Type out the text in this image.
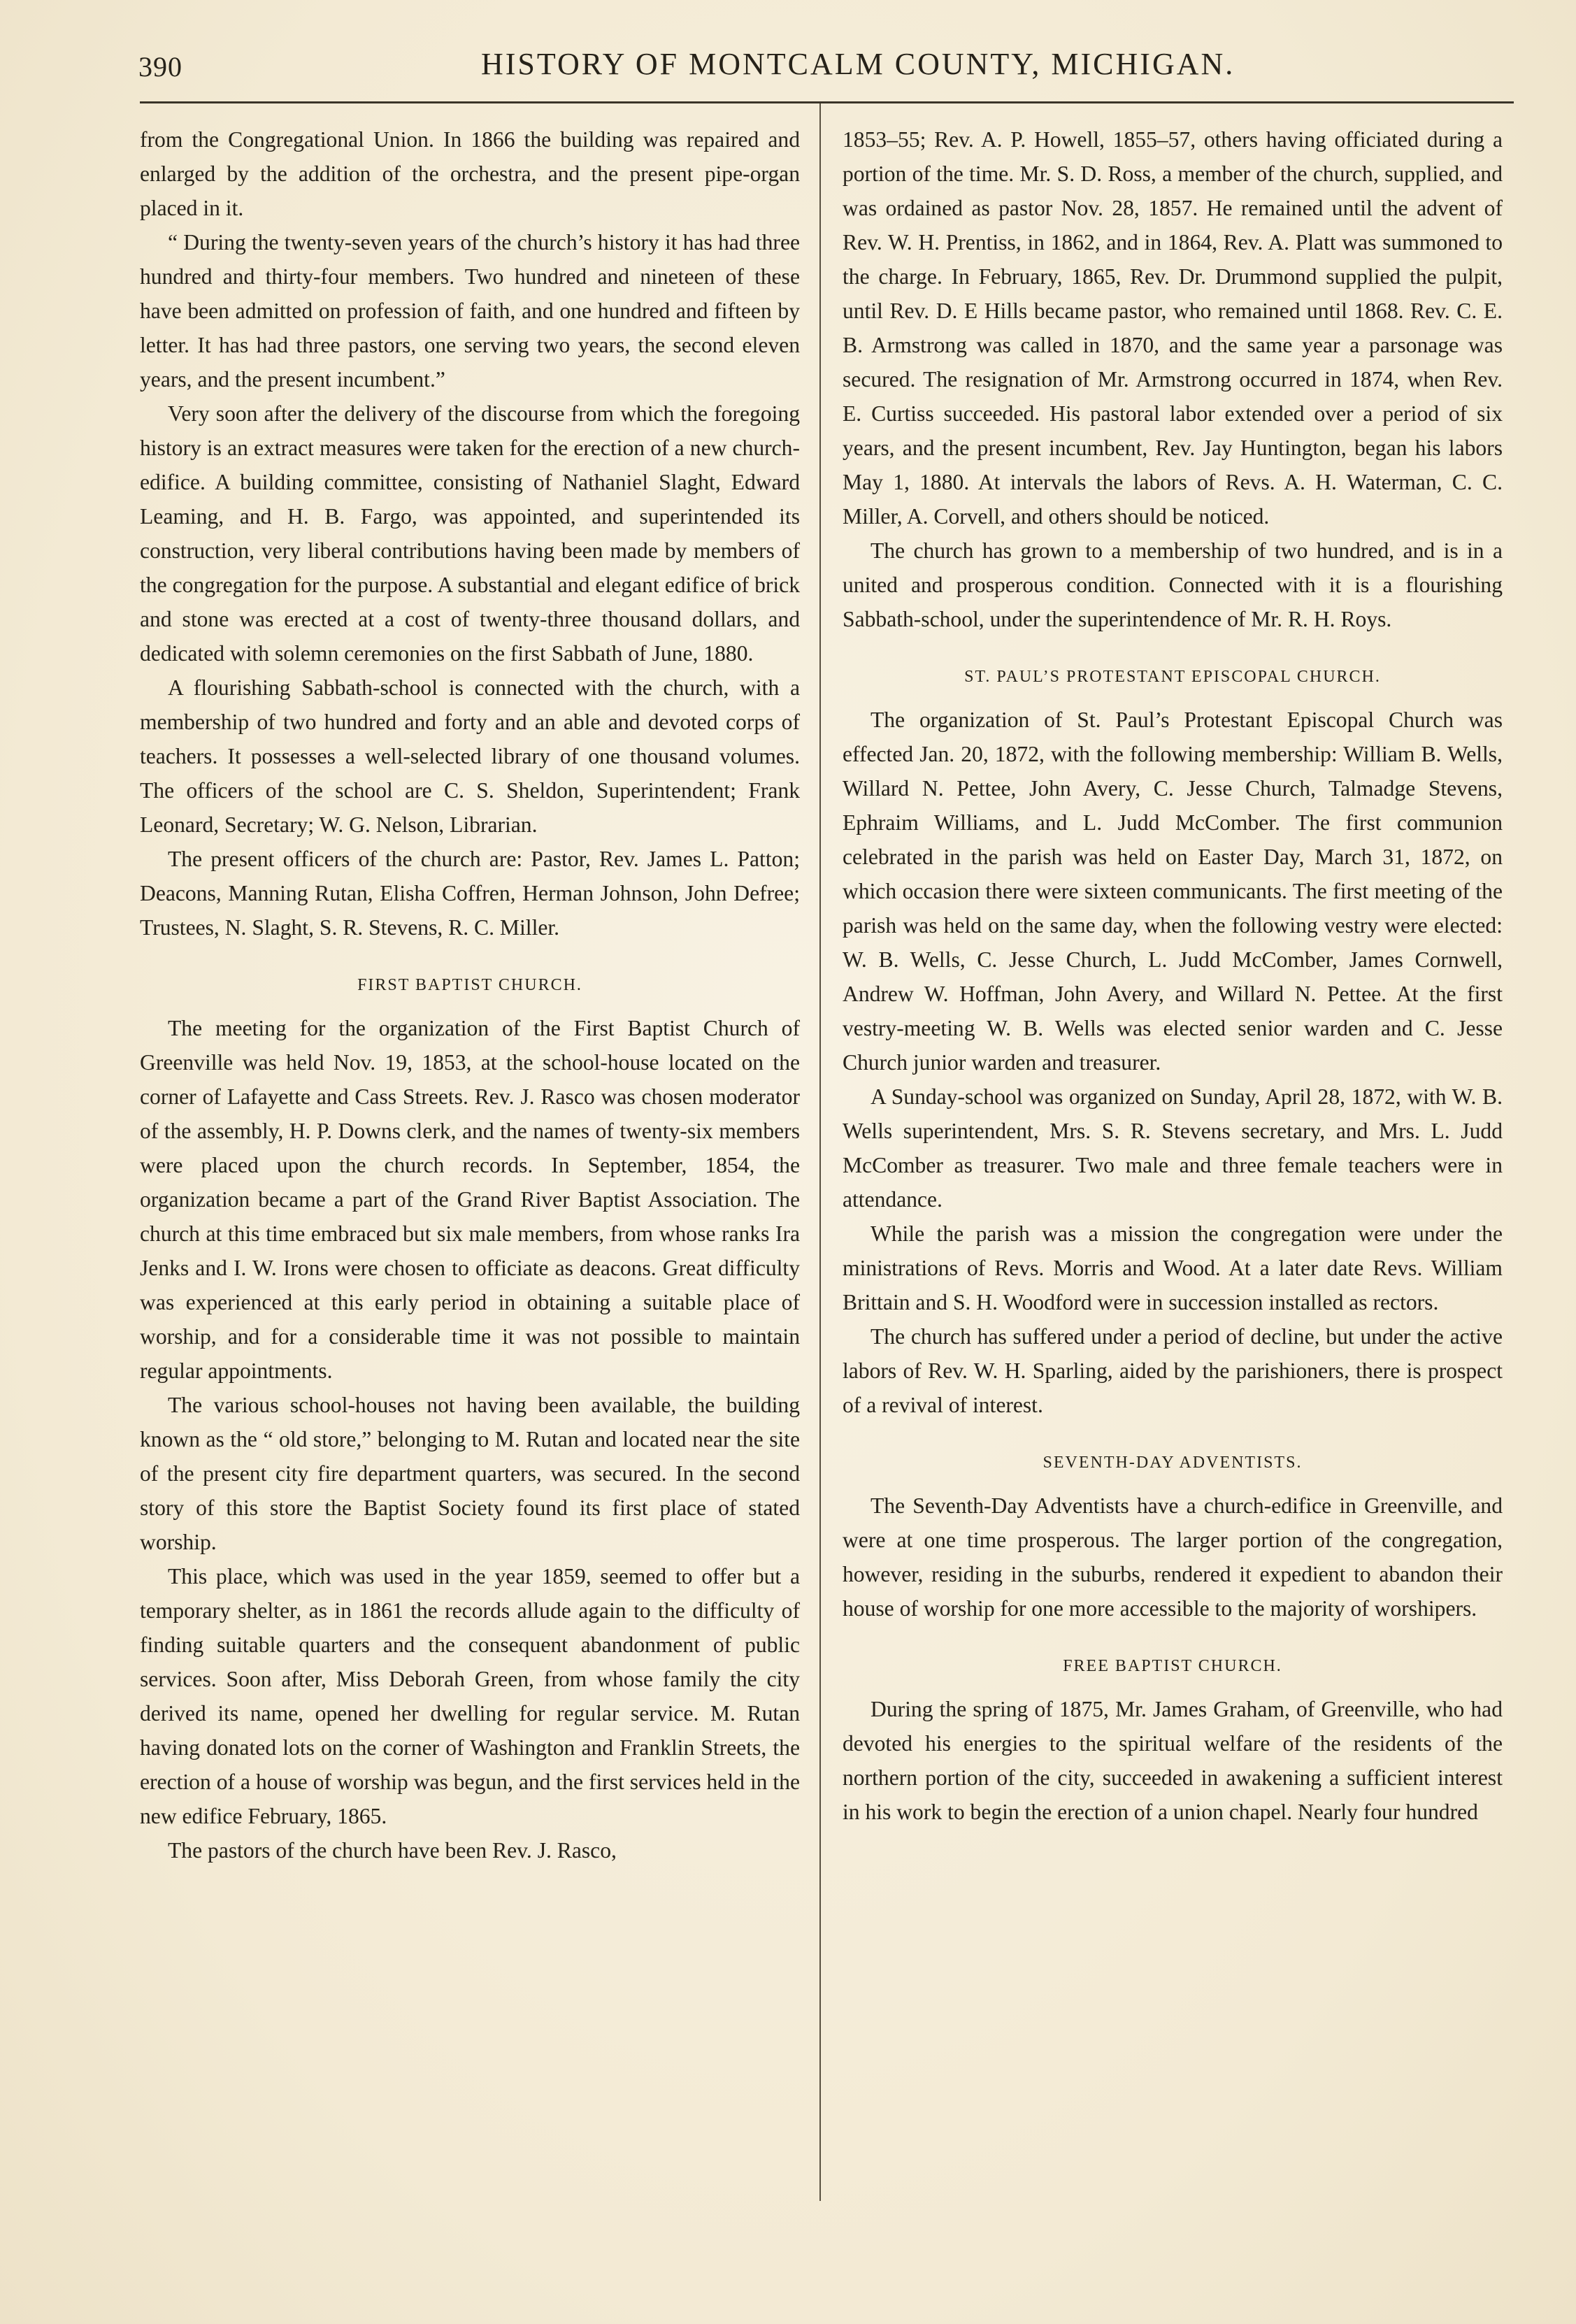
390	HISTORY OF MONTCALM COUNTY, MICHIGAN.

from the Congregational Union. In 1866 the building was repaired and enlarged by the addition of the orchestra, and the present pipe-organ placed in it.

“ During the twenty-seven years of the church’s history it has had three hundred and thirty-four members. Two hundred and nineteen of these have been admitted on profession of faith, and one hundred and fifteen by letter. It has had three pastors, one serving two years, the second eleven years, and the present incumbent.”

Very soon after the delivery of the discourse from which the foregoing history is an extract measures were taken for the erection of a new church-edifice. A building committee, consisting of Nathaniel Slaght, Edward Leaming, and H. B. Fargo, was appointed, and superintended its construction, very liberal contributions having been made by members of the congregation for the purpose. A substantial and elegant edifice of brick and stone was erected at a cost of twenty-three thousand dollars, and dedicated with solemn ceremonies on the first Sabbath of June, 1880.

A flourishing Sabbath-school is connected with the church, with a membership of two hundred and forty and an able and devoted corps of teachers. It possesses a well-selected library of one thousand volumes. The officers of the school are C. S. Sheldon, Superintendent; Frank Leonard, Secretary; W. G. Nelson, Librarian.

The present officers of the church are: Pastor, Rev. James L. Patton; Deacons, Manning Rutan, Elisha Coffren, Herman Johnson, John Defree; Trustees, N. Slaght, S. R. Stevens, R. C. Miller.

FIRST BAPTIST CHURCH.

The meeting for the organization of the First Baptist Church of Greenville was held Nov. 19, 1853, at the school-house located on the corner of Lafayette and Cass Streets. Rev. J. Rasco was chosen moderator of the assembly, H. P. Downs clerk, and the names of twenty-six members were placed upon the church records. In September, 1854, the organization became a part of the Grand River Baptist Association. The church at this time embraced but six male members, from whose ranks Ira Jenks and I. W. Irons were chosen to officiate as deacons. Great difficulty was experienced at this early period in obtaining a suitable place of worship, and for a considerable time it was not possible to maintain regular appointments.

The various school-houses not having been available, the building known as the “ old store,” belonging to M. Rutan and located near the site of the present city fire department quarters, was secured. In the second story of this store the Baptist Society found its first place of stated worship.

This place, which was used in the year 1859, seemed to offer but a temporary shelter, as in 1861 the records allude again to the difficulty of finding suitable quarters and the consequent abandonment of public services. Soon after, Miss Deborah Green, from whose family the city derived its name, opened her dwelling for regular service. M. Rutan having donated lots on the corner of Washington and Franklin Streets, the erection of a house of worship was begun, and the first services held in the new edifice February, 1865.

The pastors of the church have been Rev. J. Rasco,

1853–55; Rev. A. P. Howell, 1855–57, others having officiated during a portion of the time. Mr. S. D. Ross, a member of the church, supplied, and was ordained as pastor Nov. 28, 1857. He remained until the advent of Rev. W. H. Prentiss, in 1862, and in 1864, Rev. A. Platt was summoned to the charge. In February, 1865, Rev. Dr. Drummond supplied the pulpit, until Rev. D. E Hills became pastor, who remained until 1868. Rev. C. E. B. Armstrong was called in 1870, and the same year a parsonage was secured. The resignation of Mr. Armstrong occurred in 1874, when Rev. E. Curtiss succeeded. His pastoral labor extended over a period of six years, and the present incumbent, Rev. Jay Huntington, began his labors May 1, 1880. At intervals the labors of Revs. A. H. Waterman, C. C. Miller, A. Corvell, and others should be noticed.

The church has grown to a membership of two hundred, and is in a united and prosperous condition. Connected with it is a flourishing Sabbath-school, under the superintendence of Mr. R. H. Roys.

ST. PAUL’S PROTESTANT EPISCOPAL CHURCH.

The organization of St. Paul’s Protestant Episcopal Church was effected Jan. 20, 1872, with the following membership: William B. Wells, Willard N. Pettee, John Avery, C. Jesse Church, Talmadge Stevens, Ephraim Williams, and L. Judd McComber. The first communion celebrated in the parish was held on Easter Day, March 31, 1872, on which occasion there were sixteen communicants. The first meeting of the parish was held on the same day, when the following vestry were elected: W. B. Wells, C. Jesse Church, L. Judd McComber, James Cornwell, Andrew W. Hoffman, John Avery, and Willard N. Pettee. At the first vestry-meeting W. B. Wells was elected senior warden and C. Jesse Church junior warden and treasurer.

A Sunday-school was organized on Sunday, April 28, 1872, with W. B. Wells superintendent, Mrs. S. R. Stevens secretary, and Mrs. L. Judd McComber as treasurer. Two male and three female teachers were in attendance.

While the parish was a mission the congregation were under the ministrations of Revs. Morris and Wood. At a later date Revs. William Brittain and S. H. Woodford were in succession installed as rectors.

The church has suffered under a period of decline, but under the active labors of Rev. W. H. Sparling, aided by the parishioners, there is prospect of a revival of interest.

SEVENTH-DAY ADVENTISTS.

The Seventh-Day Adventists have a church-edifice in Greenville, and were at one time prosperous. The larger portion of the congregation, however, residing in the suburbs, rendered it expedient to abandon their house of worship for one more accessible to the majority of worshipers.

FREE BAPTIST CHURCH.

During the spring of 1875, Mr. James Graham, of Greenville, who had devoted his energies to the spiritual welfare of the residents of the northern portion of the city, succeeded in awakening a sufficient interest in his work to begin the erection of a union chapel. Nearly four hundred
